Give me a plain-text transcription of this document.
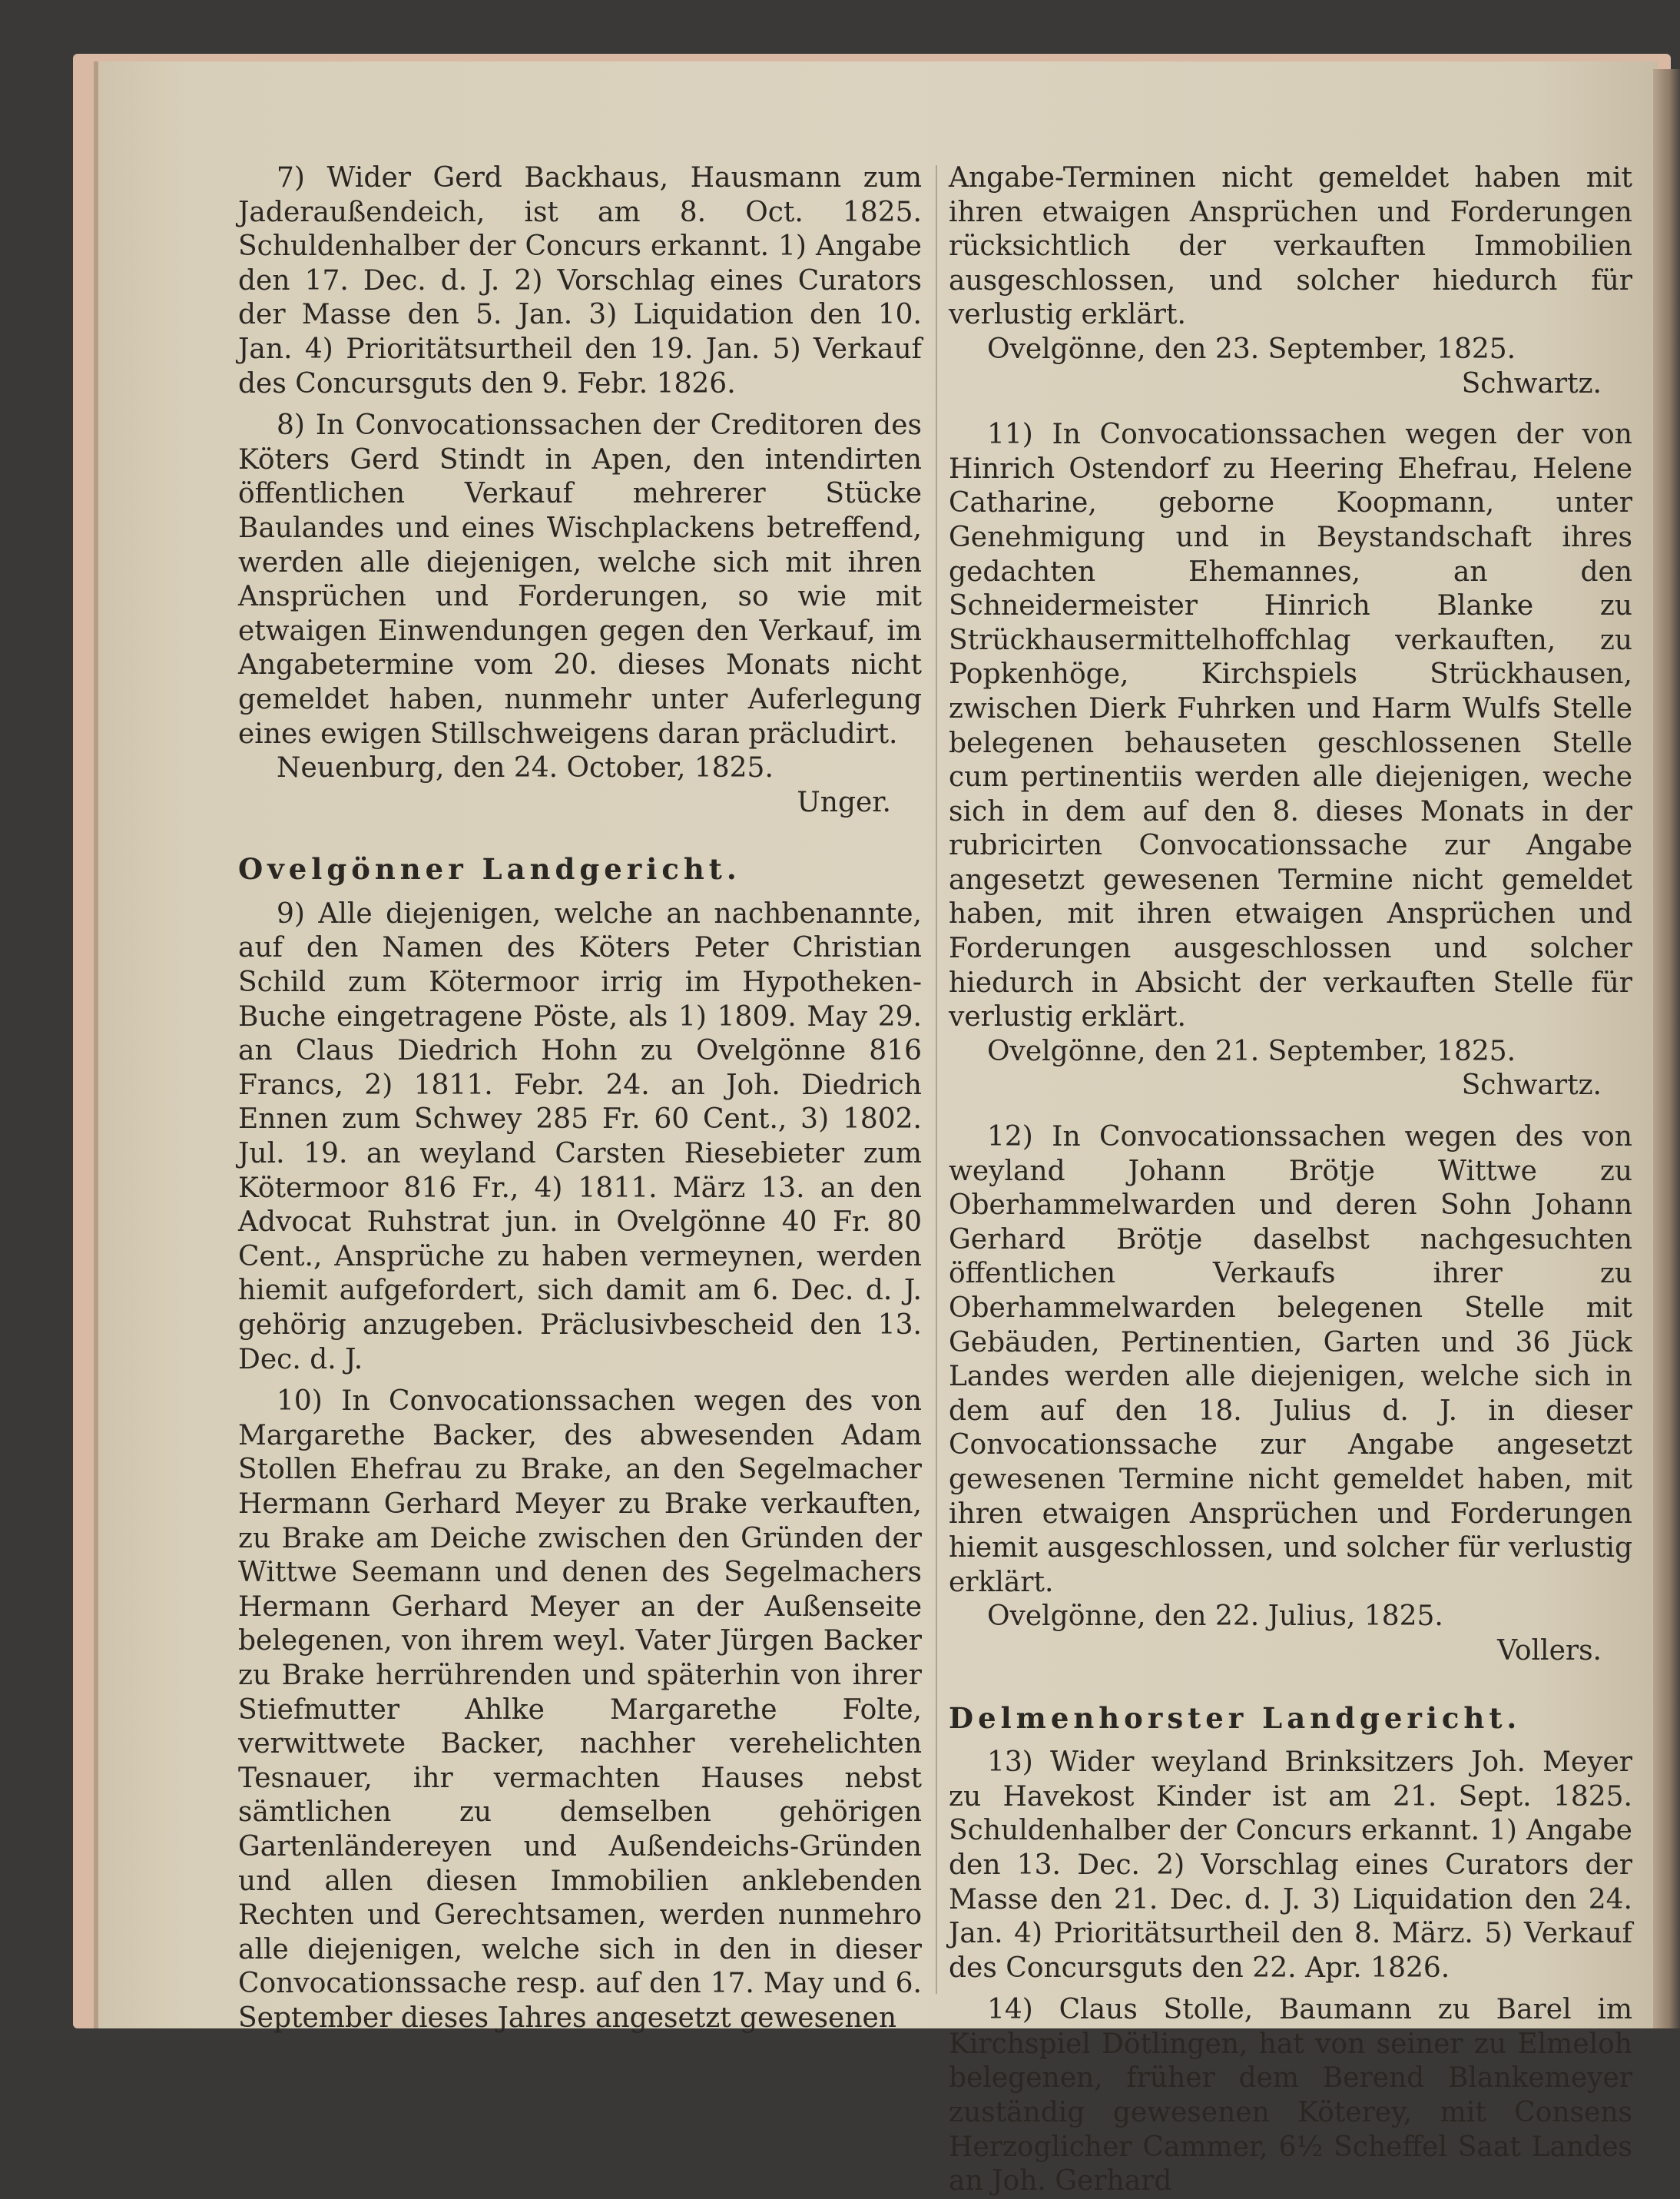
7) Wider Gerd Backhaus, Hausmann zum Jaderaußendeich, ist am 8. Oct. 1825. Schuldenhalber der Concurs erkannt. 1) Angabe den 17. Dec. d. J. 2) Vorschlag eines Curators der Masse den 5. Jan. 3) Liquidation den 10. Jan. 4) Prioritätsurtheil den 19. Jan. 5) Verkauf des Concursguts den 9. Febr. 1826.

8) In Convocationssachen der Creditoren des Köters Gerd Stindt in Apen, den intendirten öffentlichen Verkauf mehrerer Stücke Baulandes und eines Wischplackens betreffend, werden alle diejenigen, welche sich mit ihren Ansprüchen und Forderungen, so wie mit etwaigen Einwendungen gegen den Verkauf, im Angabetermine vom 20. dieses Monats nicht gemeldet haben, nunmehr unter Auferlegung eines ewigen Stillschweigens daran präcludirt.

Neuenburg, den 24. October, 1825.

Unger.

Ovelgönner Landgericht.

9) Alle diejenigen, welche an nachbenannte, auf den Namen des Köters Peter Christian Schild zum Kötermoor irrig im Hypotheken-Buche eingetragene Pöste, als 1) 1809. May 29. an Claus Diedrich Hohn zu Ovelgönne 816 Francs, 2) 1811. Febr. 24. an Joh. Diedrich Ennen zum Schwey 285 Fr. 60 Cent., 3) 1802. Jul. 19. an weyland Carsten Riesebieter zum Kötermoor 816 Fr., 4) 1811. März 13. an den Advocat Ruhstrat jun. in Ovelgönne 40 Fr. 80 Cent., Ansprüche zu haben vermeynen, werden hiemit aufgefordert, sich damit am 6. Dec. d. J. gehörig anzugeben. Präclusivbescheid den 13. Dec. d. J.

10) In Convocationssachen wegen des von Margarethe Backer, des abwesenden Adam Stollen Ehefrau zu Brake, an den Segelmacher Hermann Gerhard Meyer zu Brake verkauften, zu Brake am Deiche zwischen den Gründen der Wittwe Seemann und denen des Segelmachers Hermann Gerhard Meyer an der Außenseite belegenen, von ihrem weyl. Vater Jürgen Backer zu Brake herrührenden und späterhin von ihrer Stiefmutter Ahlke Margarethe Folte, verwittwete Backer, nachher verehelichten Tesnauer, ihr vermachten Hauses nebst sämtlichen zu demselben gehörigen Gartenländereyen und Außendeichs-Gründen und allen diesen Immobilien anklebenden Rechten und Gerechtsamen, werden nunmehro alle diejenigen, welche sich in den in dieser Convocationssache resp. auf den 17. May und 6. September dieses Jahres angesetzt gewesenen

Angabe-Terminen nicht gemeldet haben mit ihren etwaigen Ansprüchen und Forderungen rücksichtlich der verkauften Immobilien ausgeschlossen, und solcher hiedurch für verlustig erklärt.

Ovelgönne, den 23. September, 1825.

Schwartz.

11) In Convocationssachen wegen der von Hinrich Ostendorf zu Heering Ehefrau, Helene Catharine, geborne Koopmann, unter Genehmigung und in Beystandschaft ihres gedachten Ehemannes, an den Schneidermeister Hinrich Blanke zu Strückhausermittelhoffchlag verkauften, zu Popkenhöge, Kirchspiels Strückhausen, zwischen Dierk Fuhrken und Harm Wulfs Stelle belegenen behauseten geschlossenen Stelle cum pertinentiis werden alle diejenigen, weche sich in dem auf den 8. dieses Monats in der rubricirten Convocationssache zur Angabe angesetzt gewesenen Termine nicht gemeldet haben, mit ihren etwaigen Ansprüchen und Forderungen ausgeschlossen und solcher hiedurch in Absicht der verkauften Stelle für verlustig erklärt.

Ovelgönne, den 21. September, 1825.

Schwartz.

12) In Convocationssachen wegen des von weyland Johann Brötje Wittwe zu Oberhammelwarden und deren Sohn Johann Gerhard Brötje daselbst nachgesuchten öffentlichen Verkaufs ihrer zu Oberhammelwarden belegenen Stelle mit Gebäuden, Pertinentien, Garten und 36 Jück Landes werden alle diejenigen, welche sich in dem auf den 18. Julius d. J. in dieser Convocationssache zur Angabe angesetzt gewesenen Termine nicht gemeldet haben, mit ihren etwaigen Ansprüchen und Forderungen hiemit ausgeschlossen, und solcher für verlustig erklärt.

Ovelgönne, den 22. Julius, 1825.

Vollers.

Delmenhorster Landgericht.

13) Wider weyland Brinksitzers Joh. Meyer zu Havekost Kinder ist am 21. Sept. 1825. Schuldenhalber der Concurs erkannt. 1) Angabe den 13. Dec. 2) Vorschlag eines Curators der Masse den 21. Dec. d. J. 3) Liquidation den 24. Jan. 4) Prioritätsurtheil den 8. März. 5) Verkauf des Concursguts den 22. Apr. 1826.

14) Claus Stolle, Baumann zu Barel im Kirchspiel Dötlingen, hat von seiner zu Elmeloh belegenen, früher dem Berend Blankemeyer zuständig gewesenen Köterey, mit Consens Herzoglicher Cammer, 6½ Scheffel Saat Landes an Joh. Gerhard
